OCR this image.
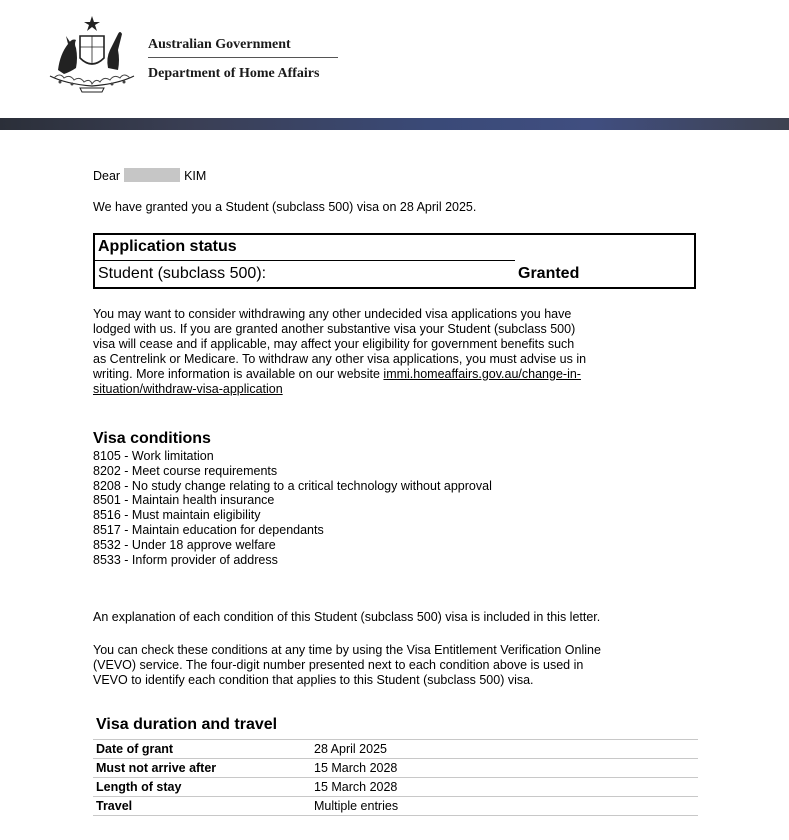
Australian Government
Department of Home Affairs
Dear	KIM
We have granted you a Student (subclass 500) visa on 28 April 2025.
Application status
Student (subclass 500):	Granted
You may want to consider withdrawing any other undecided visa applications you have
lodged with us. If you are granted another substantive visa your Student (subclass 500)
visa will cease and if applicable, may affect your eligibility for government benefits such
as Centrelink or Medicare. To withdraw any other visa applications, you must advise us in
writing. More information is available on our website immi.homeaffairs.gov.au/change-in-
situation/withdraw-visa-application
Visa conditions
8105 - Work limitation
8202 - Meet course requirements
8208 - No study change relating to a critical technology without approval
8501 - Maintain health insurance
8516 - Must maintain eligibility
8517 - Maintain education for dependants
8532 - Under 18 approve welfare
8533 - Inform provider of address
An explanation of each condition of this Student (subclass 500) visa is included in this letter.
You can check these conditions at any time by using the Visa Entitlement Verification Online
(VEVO) service. The four-digit number presented next to each condition above is used in
VEVO to identify each condition that applies to this Student (subclass 500) visa.
Visa duration and travel
Date of grant	28 April 2025
Must not arrive after	15 March 2028
Length of stay	15 March 2028
Travel	Multiple entries
